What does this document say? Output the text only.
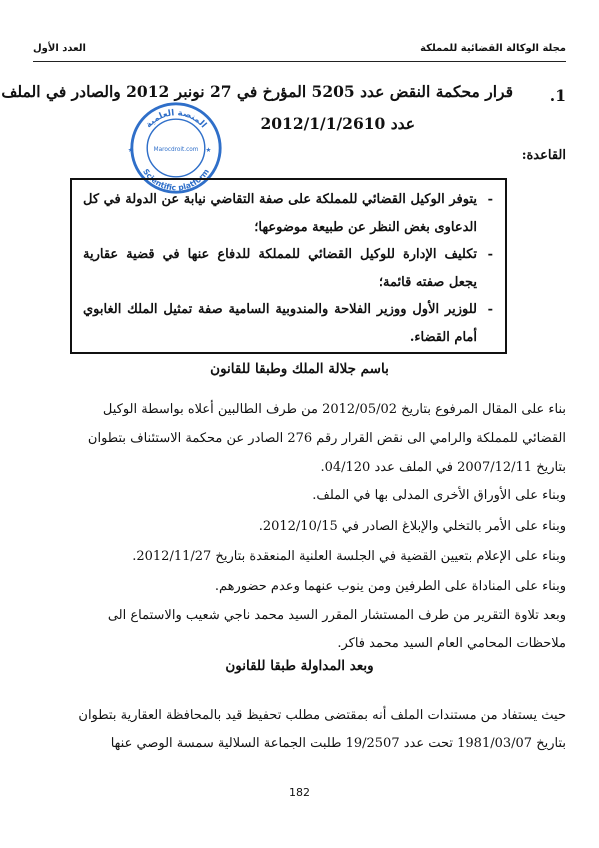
مجلة الوكالة القضائية للمملكة
العدد الأول
1.
قرار محكمة النقض عدد 5205 المؤرخ في 27 نونبر 2012 والصادر في الملف
عدد 2012/1/1/2610
المنصة العلمية
Marocdroit.com
Scientific platform
★	★	القاعدة:
-
يتوفر الوكيل القضائي للمملكة على صفة التقاضي نيابة عن الدولة في كل الدعاوى بغض النظر عن طبيعة موضوعها؛
-
تكليف الإدارة للوكيل القضائي للمملكة للدفاع عنها في قضية عقارية يجعل صفته قائمة؛
-
للوزير الأول ووزير الفلاحة والمندوبية السامية صفة تمثيل الملك الغابوي أمام القضاء.
باسم جلالة الملك وطبقا للقانون
بناء على المقال المرفوع بتاريخ 2012/05/02 من طرف الطالبين أعلاه بواسطة الوكيل
القضائي للمملكة والرامي الى نقض القرار رقم 276 الصادر عن محكمة الاستئناف بتطوان
بتاريخ 2007/12/11 في الملف عدد 04/120.
وبناء على الأوراق الأخرى المدلى بها في الملف.
وبناء على الأمر بالتخلي والإبلاغ الصادر في 2012/10/15.
وبناء على الإعلام بتعيين القضية في الجلسة العلنية المنعقدة بتاريخ 2012/11/27.
وبناء على المناداة على الطرفين ومن ينوب عنهما وعدم حضورهم.
وبعد تلاوة التقرير من طرف المستشار المقرر السيد محمد ناجي شعيب والاستماع الى
ملاحظات المحامي العام السيد محمد فاكر.
وبعد المداولة طبقا للقانون
حيث يستفاد من مستندات الملف أنه بمقتضى مطلب تحفيظ قيد بالمحافظة العقارية بتطوان
بتاريخ 1981/03/07 تحت عدد 19/2507 طلبت الجماعة السلالية سمسة الوصي عنها
182
